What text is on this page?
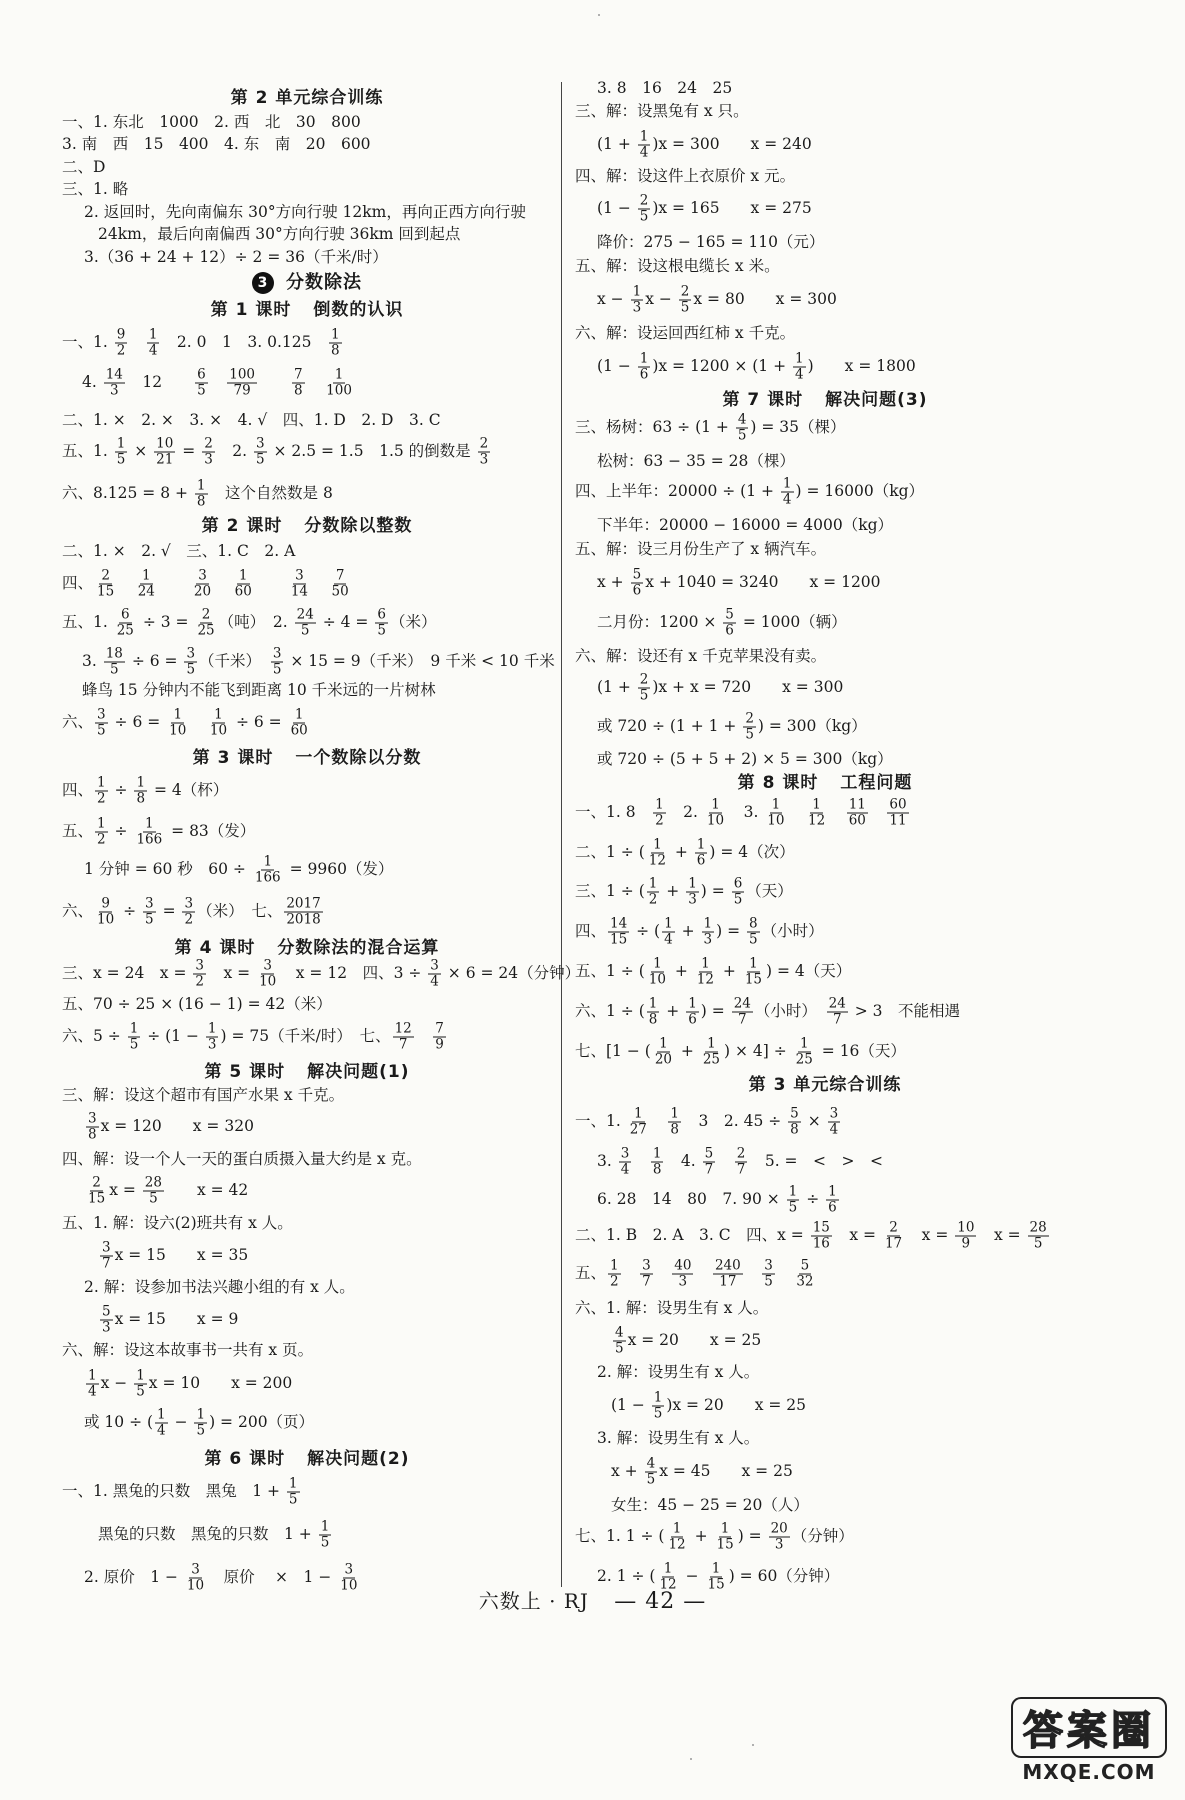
第 2 单元综合训练
一、1. 东北　1000　2. 西　北　30　800
3. 南　西　15　400　4. 东　南　20　600
二、D
三、1. 略
2. 返回时，先向南偏东 30°方向行驶 12km，再向正西方向行驶
24km，最后向南偏西 30°方向行驶 36km 回到起点
3.（36 + 24 + 12）÷ 2 = 36（千米/时）
3 分数除法
第 1 课时 倒数的认识
一、1. $\frac{9}{2}$
　 $\frac{1}{4}$ 　2. 0　1　3. 0.125　 $\frac{1}{8}$
4. $\frac{14}{3}$ 　12　　 $\frac{6}{5}$
　 $\frac{100}{79}$
　　	$\frac{7}{8}$
　 $\frac{1}{100}$
二、1. ×　2. ×　3. ×　4. √　四、1. D　2. D　3. C
五、1. $\frac{1}{5} \times \frac{10}{21} = \frac{2}{3}$ 　2. $\frac{3}{5} \times 2.5 = 1.5$　1.5 的倒数是 $\frac{2}{3}$
六、$8.125 = 8 + \frac{1}{8}$ 　这个自然数是 8
第 2 课时 分数除以整数
二、1. ×　2. √　三、1. C　2. A
四、 $\frac{2}{15}$
　 $\frac{1}{24}$
　　	$\frac{3}{20}$
　 $\frac{1}{60}$
　　	$\frac{3}{14}$
　 $\frac{7}{50}$
五、1. $\frac{6}{25} \div 3 = \frac{2}{25}$ （吨）　2. $\frac{24}{5} \div 4 = \frac{6}{5}$ （米）
3. $\frac{18}{5} \div 6 = \frac{3}{5}$ （千米）　 $\frac{3}{5} \times 15 = 9$（千米）　9 千米 < 10 千米
蜂鸟 15 分钟内不能飞到距离 10 千米远的一片树林
六、 $\frac{3}{5} \div 6 = \frac{1}{10}$
　 $\frac{1}{10} \div 6 = \frac{1}{60}$
第 3 课时 一个数除以分数
四、 $\frac{1}{2} \div \frac{1}{8} = 4$（杯）
五、 $\frac{1}{2} \div \frac{1}{166} = 83$（发）
1 分钟 = 60 秒　$60 \div \frac{1}{166} = 9960$（发）
六、 $\frac{9}{10} \div \frac{3}{5} = \frac{3}{2}$ （米）　七、 $\frac{2017}{2018}$
第 4 课时 分数除法的混合运算
三、x = 24　$x = \frac{3}{2}$ 　$x = \frac{3}{10}$ 　x = 12　四、$3 \div \frac{3}{4} \times 6 = 24$（分钟）
五、70 ÷ 25 × (16 − 1) = 42（米）
六、$5 \div \frac{1}{5} \div (1 - \frac{1}{3}$ ) = 75（千米/时）　七、 $\frac{12}{7}$
　 $\frac{7}{9}$
第 5 课时 解决问题(1)
三、解：设这个超市有国产水果 x 千克。
$\frac{3}{8}$ x = 120　　x = 320
四、解：设一个人一天的蛋白质摄入量大约是 x 克。
$\frac{2}{15}$ $x = \frac{28}{5}$ 　　x = 42
五、1. 解：设六(2)班共有 x 人。
$\frac{3}{7}$ x = 15　　x = 35
2. 解：设参加书法兴趣小组的有 x 人。
$\frac{5}{3}$ x = 15　　x = 9
六、解：设这本故事书一共有 x 页。
$\frac{1}{4}$ $x - \frac{1}{5}$ x = 10　　x = 200
或 10 ÷ ( $\frac{1}{4} - \frac{1}{5}$ ) = 200（页）
第 6 课时 解决问题(2)
一、1. 黑兔的只数　黑兔　$1 + \frac{1}{5}$
黑兔的只数　黑兔的只数　$1 + \frac{1}{5}$
2. 原价　$1 - \frac{3}{10}$ 　原价　 ×　$1 - \frac{3}{10}$
3. 8　16　24　25
三、解：设黑兔有 x 只。
$(1 + \frac{1}{4} )x = 300$　　x = 240
四、解：设这件上衣原价 x 元。
$(1 - \frac{2}{5} )x = 165$　　x = 275
降价：275 − 165 = 110（元）
五、解：设这根电缆长 x 米。
$x - \frac{1}{3}$ $x - \frac{2}{5}$ x = 80　　x = 300
六、解：设运回西红柿 x 千克。
$(1 - \frac{1}{6} )x = 1200 \times (1 + \frac{1}{4}$ )　　x = 1800
第 7 课时 解决问题(3)
三、杨树：$63 \div (1 + \frac{4}{5}$ ) = 35（棵）
松树：63 − 35 = 28（棵）
四、上半年：$20000 \div (1 + \frac{1}{4}$ ) = 16000（kg）
下半年：20000 − 16000 = 4000（kg）
五、解：设三月份生产了 x 辆汽车。
$x + \frac{5}{6}$ x + 1040 = 3240　　x = 1200
二月份：$1200 \times \frac{5}{6} = 1000$（辆）
六、解：设还有 x 千克苹果没有卖。
$(1 + \frac{2}{5} )x + x = 720$　　x = 300
或 $720 \div (1 + 1 + \frac{2}{5}$ ) = 300（kg）
或 720 ÷ (5 + 5 + 2) × 5 = 300（kg）
第 8 课时 工程问题
一、1. 8　 $\frac{1}{2}$ 　2. $\frac{1}{10}$ 　3. $\frac{1}{10}$
　 $\frac{1}{12}$
　 $\frac{11}{60}$
　 $\frac{60}{11}$
二、1 ÷ ( $\frac{1}{12} + \frac{1}{6}$ ) = 4（次）
三、1 ÷ ( $\frac{1}{2} + \frac{1}{3}$ ) = $\frac{6}{5}$ （天）
四、 $\frac{14}{15}$ ÷ ( $\frac{1}{4} + \frac{1}{3}$ ) = $\frac{8}{5}$ （小时）
五、1 ÷ ( $\frac{1}{10} + \frac{1}{12} + \frac{1}{15}$ ) = 4（天）
六、1 ÷ ( $\frac{1}{8} + \frac{1}{6}$ ) = $\frac{24}{7}$ （小时）　 $\frac{24}{7} > 3$　不能相遇
七、[1 − ( $\frac{1}{20} + \frac{1}{25}$ ) × $4] \div \frac{1}{25} = 16$（天）
第 3 单元综合训练
一、1. $\frac{1}{27}$
　 $\frac{1}{8}$ 　3　2. $45 \div \frac{5}{8} \times \frac{3}{4}$
3. $\frac{3}{4}$
　 $\frac{1}{8}$ 　4. $\frac{5}{7}$
　 $\frac{2}{7}$ 　5. =　<　>　<
6. 28　14　80　7. $90 \times \frac{1}{5} \div \frac{1}{6}$
二、1. B　2. A　3. C　四、$x = \frac{15}{16}$ 　$x = \frac{2}{17}$ 　$x = \frac{10}{9}$ 　$x = \frac{28}{5}$
五、 $\frac{1}{2}$
　 $\frac{3}{7}$
　 $\frac{40}{3}$
　 $\frac{240}{17}$
　 $\frac{3}{5}$
　 $\frac{5}{32}$
六、1. 解：设男生有 x 人。
$\frac{4}{5}$ x = 20　　x = 25
2. 解：设男生有 x 人。
$(1 - \frac{1}{5} )x = 20$　　x = 25
3. 解：设男生有 x 人。
$x + \frac{4}{5}$ x = 45　　x = 25
女生：45 − 25 = 20（人）
七、1. 1 ÷ ( $\frac{1}{12} + \frac{1}{15}$ ) = $\frac{20}{3}$ （分钟）
2. 1 ÷ ( $\frac{1}{12} - \frac{1}{15}$ ) = 60（分钟）
六数上 · RJ — 42 —
答案圈
MXQE.COM
